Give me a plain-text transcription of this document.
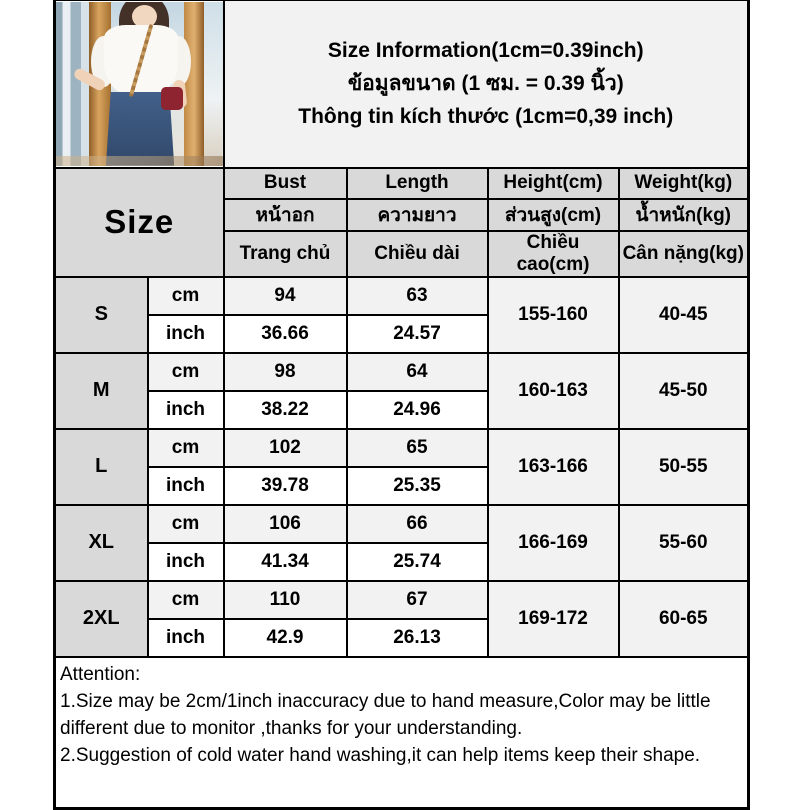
		Size Information(1cm=0.39inch)
ข้อมูลขนาด (1 ซม. = 0.39 นิ้ว)
Thông tin kích thước (1cm=0,39 inch)			

Size		Bust	Length	Height(cm)	Weight(kg)
		หน้าอก	ความยาว	ส่วนสูง(cm)	น้ำหนัก(kg)
		Trang chủ	Chiều dài	Chiều cao(cm)	Cân nặng(kg)
S	cm	94	63	155-160	40-45
	inch	36.66	24.57		
M	cm	98	64	160-163	45-50
	inch	38.22	24.96		
L	cm	102	65	163-166	50-55
	inch	39.78	25.35		
XL	cm	106	66	166-169	55-60
	inch	41.34	25.74		
2XL	cm	110	67	169-172	60-65
	inch	42.9	26.13		

Attention:
1.Size may be 2cm/1inch inaccuracy due to hand measure,Color may be little different due to monitor ,thanks for your understanding.
2.Suggestion of cold water hand washing,it can help items keep their shape.					
